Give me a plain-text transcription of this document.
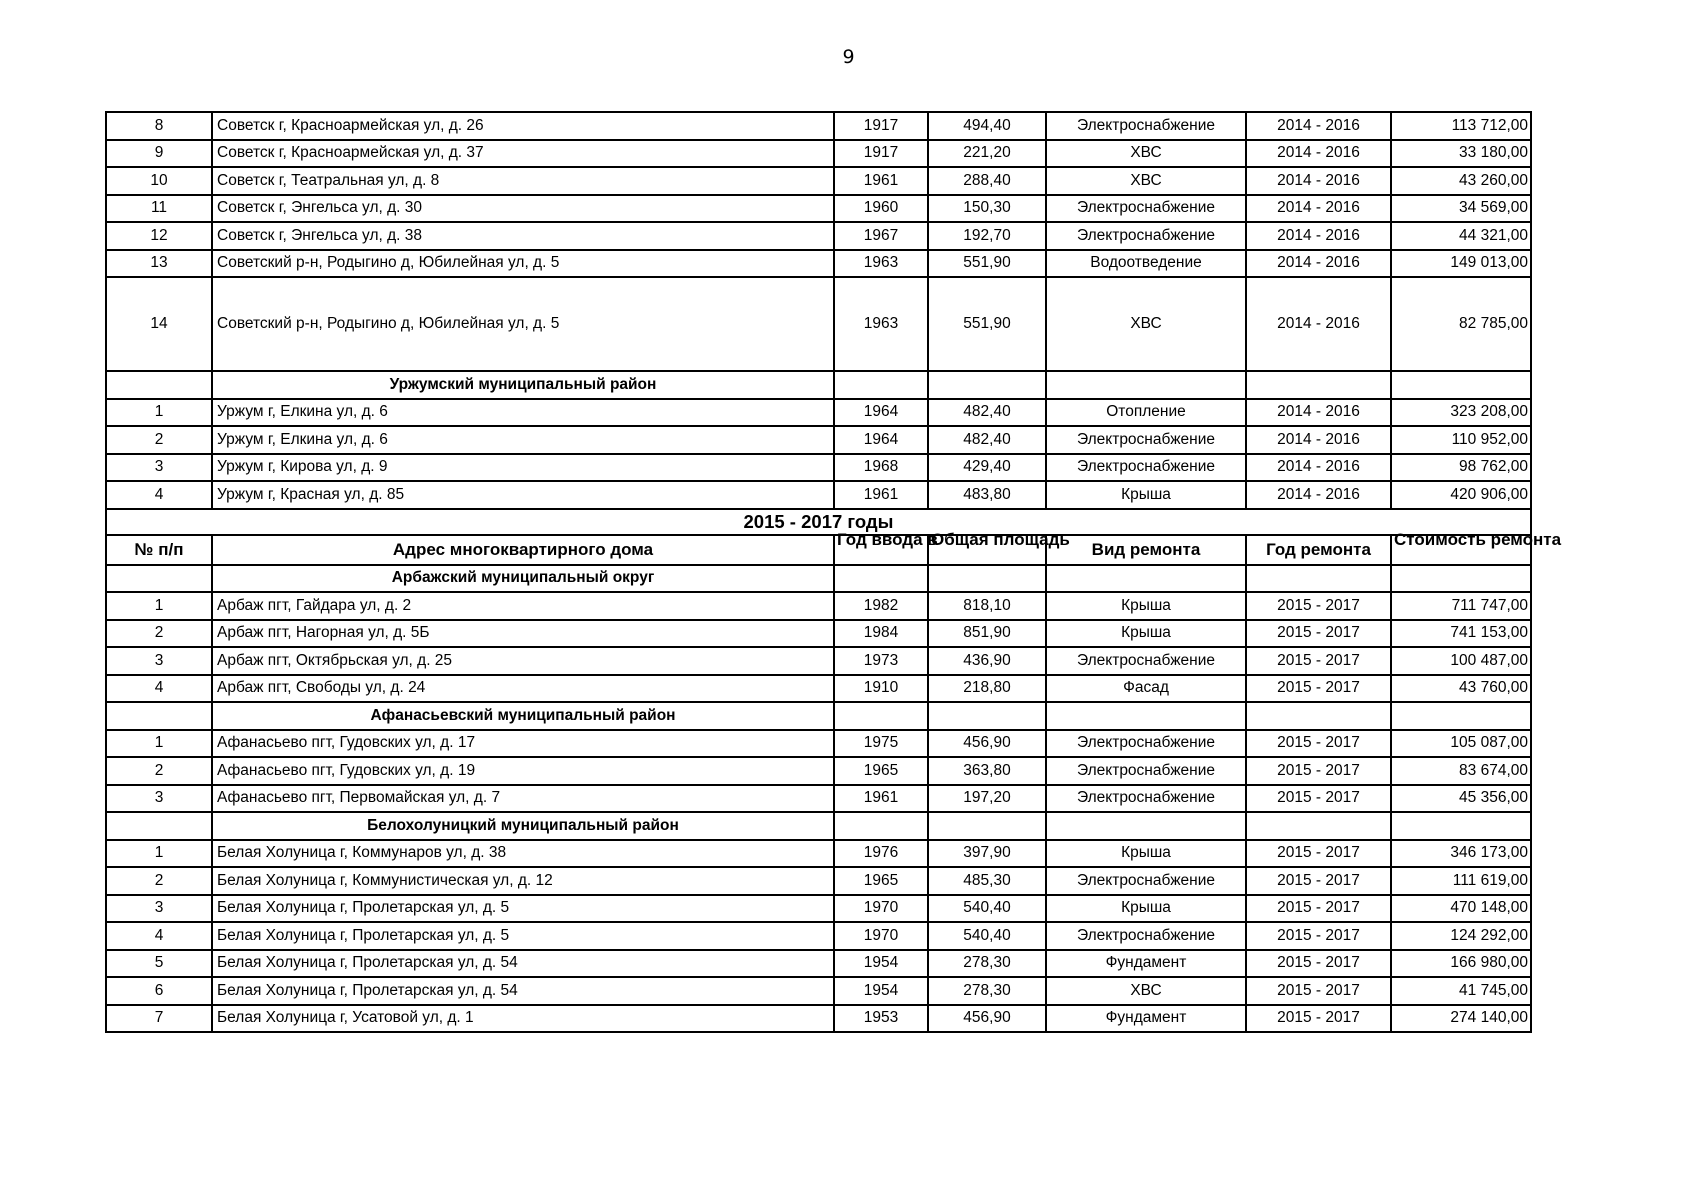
9
8	Советск г, Красноармейская ул, д. 26	1917	494,40	Электроснабжение	2014 - 2016	113 712,00
9	Советск г, Красноармейская ул, д. 37	1917	221,20	ХВС	2014 - 2016	33 180,00
10	Советск г, Театральная ул, д. 8	1961	288,40	ХВС	2014 - 2016	43 260,00
11	Советск г, Энгельса ул, д. 30	1960	150,30	Электроснабжение	2014 - 2016	34 569,00
12	Советск г, Энгельса ул, д. 38	1967	192,70	Электроснабжение	2014 - 2016	44 321,00
13	Советский р-н, Родыгино д, Юбилейная ул, д. 5	1963	551,90	Водоотведение	2014 - 2016	149 013,00
14	Советский р-н, Родыгино д, Юбилейная ул, д. 5	1963	551,90	ХВС	2014 - 2016	82 785,00
	Уржумский муниципальный район					
1	Уржум г, Елкина ул, д. 6	1964	482,40	Отопление	2014 - 2016	323 208,00
2	Уржум г, Елкина ул, д. 6	1964	482,40	Электроснабжение	2014 - 2016	110 952,00
3	Уржум г, Кирова ул, д. 9	1968	429,40	Электроснабжение	2014 - 2016	98 762,00
4	Уржум г, Красная ул, д. 85	1961	483,80	Крыша	2014 - 2016	420 906,00
2015 - 2017 годы						
№ п/п	Адрес многоквартирного дома	Год ввода в	Общая площадь	Вид ремонта	Год ремонта	Стоимость ремонта

	Арбажский муниципальный округ					
1	Арбаж пгт, Гайдара ул, д. 2	1982	818,10	Крыша	2015 - 2017	711 747,00
2	Арбаж пгт, Нагорная ул, д. 5Б	1984	851,90	Крыша	2015 - 2017	741 153,00
3	Арбаж пгт, Октябрьская ул, д. 25	1973	436,90	Электроснабжение	2015 - 2017	100 487,00
4	Арбаж пгт, Свободы ул, д. 24	1910	218,80	Фасад	2015 - 2017	43 760,00
	Афанасьевский муниципальный район					
1	Афанасьево пгт, Гудовских ул, д. 17	1975	456,90	Электроснабжение	2015 - 2017	105 087,00
2	Афанасьево пгт, Гудовских ул, д. 19	1965	363,80	Электроснабжение	2015 - 2017	83 674,00
3	Афанасьево пгт, Первомайская ул, д. 7	1961	197,20	Электроснабжение	2015 - 2017	45 356,00
	Белохолуницкий муниципальный район					
1	Белая Холуница г, Коммунаров ул, д. 38	1976	397,90	Крыша	2015 - 2017	346 173,00
2	Белая Холуница г, Коммунистическая ул, д. 12	1965	485,30	Электроснабжение	2015 - 2017	111 619,00
3	Белая Холуница г, Пролетарская ул, д. 5	1970	540,40	Крыша	2015 - 2017	470 148,00
4	Белая Холуница г, Пролетарская ул, д. 5	1970	540,40	Электроснабжение	2015 - 2017	124 292,00
5	Белая Холуница г, Пролетарская ул, д. 54	1954	278,30	Фундамент	2015 - 2017	166 980,00
6	Белая Холуница г, Пролетарская ул, д. 54	1954	278,30	ХВС	2015 - 2017	41 745,00
7	Белая Холуница г, Усатовой ул, д. 1	1953	456,90	Фундамент	2015 - 2017	274 140,00
